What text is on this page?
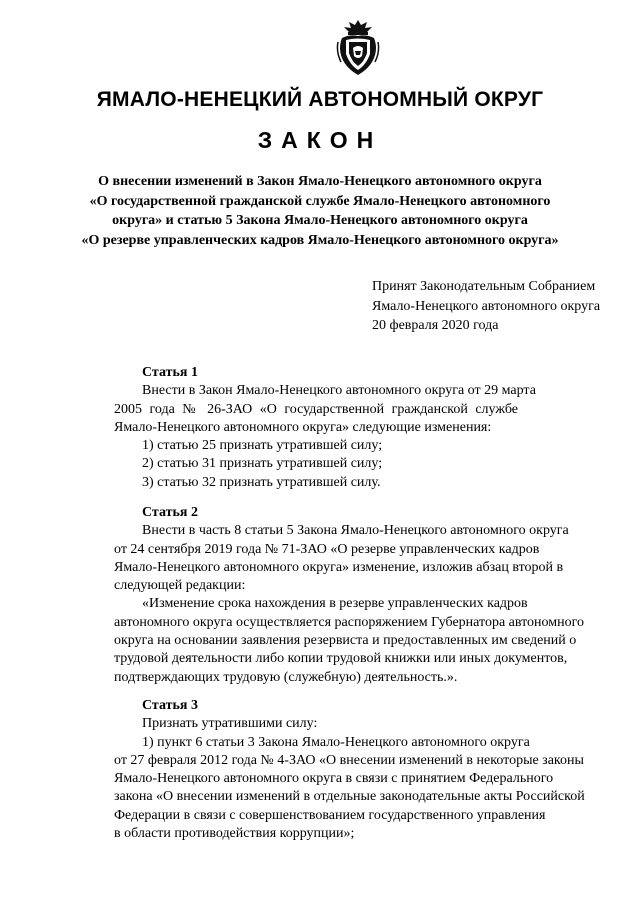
ЯМАЛО-НЕНЕЦКИЙ АВТОНОМНЫЙ ОКРУГ
ЗАКОН
О внесении изменений в Закон Ямало-Ненецкого автономного округа
«О государственной гражданской службе Ямало-Ненецкого автономного
округа» и статью 5 Закона Ямало-Ненецкого автономного округа
«О резерве управленческих кадров Ямало-Ненецкого автономного округа»
Принят Законодательным Собранием
Ямало-Ненецкого автономного округа
20 февраля 2020 года
Статья 1
Внести в Закон Ямало-Ненецкого автономного округа от 29 марта
2005 года № 26-ЗАО «О государственной гражданской службе
Ямало-Ненецкого автономного округа» следующие изменения:
1) статью 25 признать утратившей силу;
2) статью 31 признать утратившей силу;
3) статью 32 признать утратившей силу.
Статья 2
Внести в часть 8 статьи 5 Закона Ямало-Ненецкого автономного округа
от 24 сентября 2019 года № 71-ЗАО «О резерве управленческих кадров
Ямало-Ненецкого автономного округа» изменение, изложив абзац второй в
следующей редакции:
«Изменение срока нахождения в резерве управленческих кадров
автономного округа осуществляется распоряжением Губернатора автономного
округа на основании заявления резервиста и предоставленных им сведений о
трудовой деятельности либо копии трудовой книжки или иных документов,
подтверждающих трудовую (служебную) деятельность.».
Статья 3
Признать утратившими силу:
1) пункт 6 статьи 3 Закона Ямало-Ненецкого автономного округа
от 27 февраля 2012 года № 4-ЗАО «О внесении изменений в некоторые законы
Ямало-Ненецкого автономного округа в связи с принятием Федерального
закона «О внесении изменений в отдельные законодательные акты Российской
Федерации в связи с совершенствованием государственного управления
в области противодействия коррупции»;
